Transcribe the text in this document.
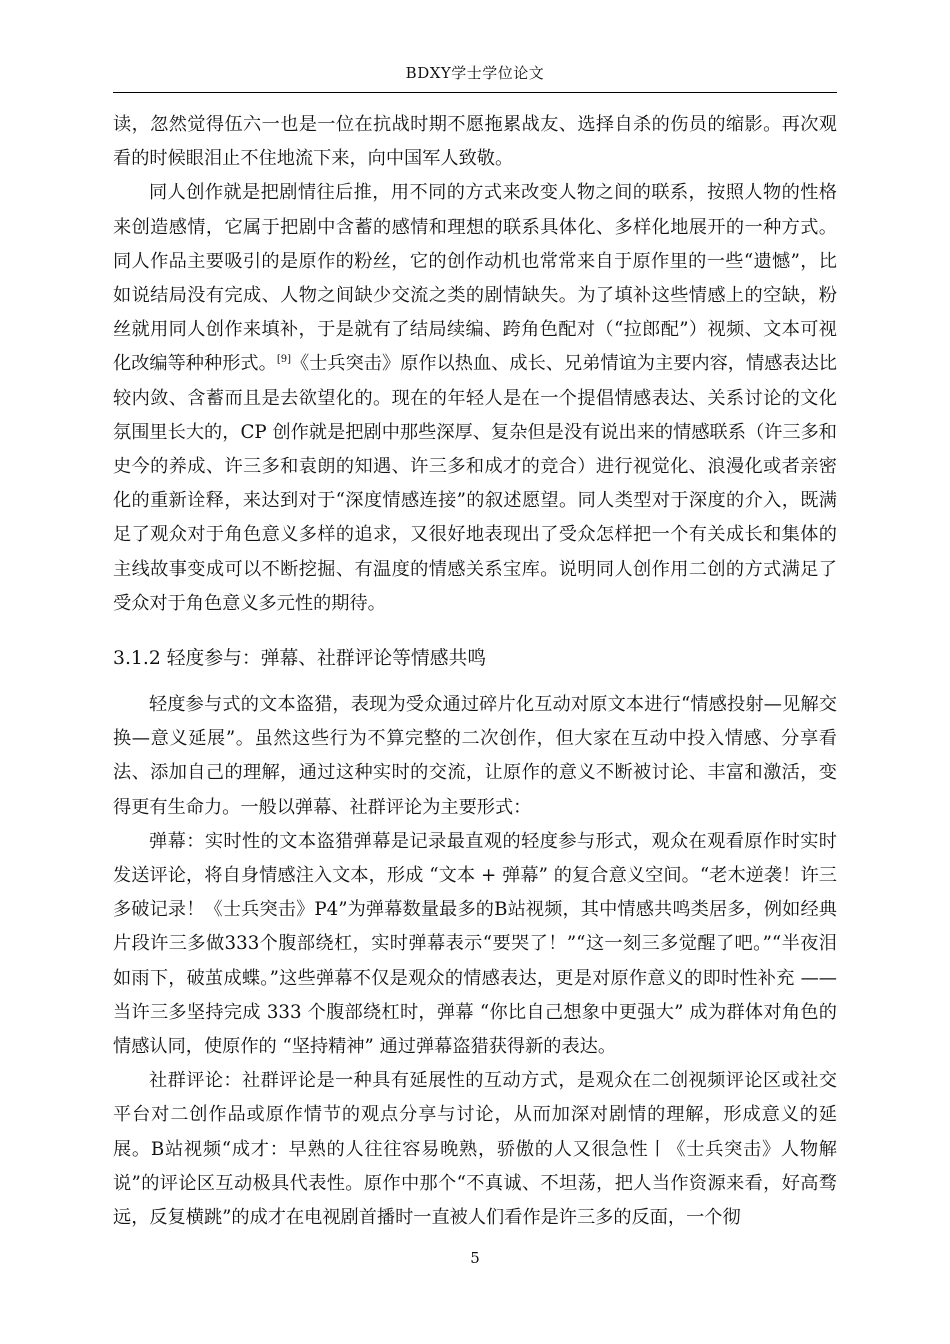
BDXY学士学位论文

读，忽然觉得伍六一也是一位在抗战时期不愿拖累战友、选择自杀的伤员的缩影。再次观看的时候眼泪止不住地流下来，向中国军人致敬。

同人创作就是把剧情往后推，用不同的方式来改变人物之间的联系，按照人物的性格来创造感情，它属于把剧中含蓄的感情和理想的联系具体化、多样化地展开的一种方式。同人作品主要吸引的是原作的粉丝，它的创作动机也常常来自于原作里的一些“遗憾”，比如说结局没有完成、人物之间缺少交流之类的剧情缺失。为了填补这些情感上的空缺，粉丝就用同人创作来填补，于是就有了结局续编、跨角色配对（“拉郎配”）视频、文本可视化改编等种种形式。[9]《士兵突击》原作以热血、成长、兄弟情谊为主要内容，情感表达比较内敛、含蓄而且是去欲望化的。现在的年轻人是在一个提倡情感表达、关系讨论的文化氛围里长大的，CP 创作就是把剧中那些深厚、复杂但是没有说出来的情感联系（许三多和史今的养成、许三多和袁朗的知遇、许三多和成才的竞合）进行视觉化、浪漫化或者亲密化的重新诠释，来达到对于“深度情感连接”的叙述愿望。同人类型对于深度的介入，既满足了观众对于角色意义多样的追求，又很好地表现出了受众怎样把一个有关成长和集体的主线故事变成可以不断挖掘、有温度的情感关系宝库。说明同人创作用二创的方式满足了受众对于角色意义多元性的期待。

3.1.2 轻度参与：弹幕、社群评论等情感共鸣

轻度参与式的文本盗猎，表现为受众通过碎片化互动对原文本进行“情感投射—见解交换—意义延展”。虽然这些行为不算完整的二次创作，但大家在互动中投入情感、分享看法、添加自己的理解，通过这种实时的交流，让原作的意义不断被讨论、丰富和激活，变得更有生命力。一般以弹幕、社群评论为主要形式：

弹幕：实时性的文本盗猎弹幕是记录最直观的轻度参与形式，观众在观看原作时实时发送评论，将自身情感注入文本，形成 “文本 + 弹幕” 的复合意义空间。“老木逆袭！许三多破记录！《士兵突击》P4”为弹幕数量最多的B站视频，其中情感共鸣类居多，例如经典片段许三多做333个腹部绕杠，实时弹幕表示“要哭了！”“这一刻三多觉醒了吧。”“半夜泪如雨下，破茧成蝶。”这些弹幕不仅是观众的情感表达，更是对原作意义的即时性补充 —— 当许三多坚持完成 333 个腹部绕杠时，弹幕 “你比自己想象中更强大” 成为群体对角色的情感认同，使原作的 “坚持精神” 通过弹幕盗猎获得新的表达。

社群评论：社群评论是一种具有延展性的互动方式，是观众在二创视频评论区或社交平台对二创作品或原作情节的观点分享与讨论，从而加深对剧情的理解，形成意义的延展。B站视频“成才：早熟的人往往容易晚熟，骄傲的人又很急性丨《士兵突击》人物解说”的评论区互动极具代表性。原作中那个“不真诚、不坦荡，把人当作资源来看，好高骛远，反复横跳”的成才在电视剧首播时一直被人们看作是许三多的反面，一个彻

5
